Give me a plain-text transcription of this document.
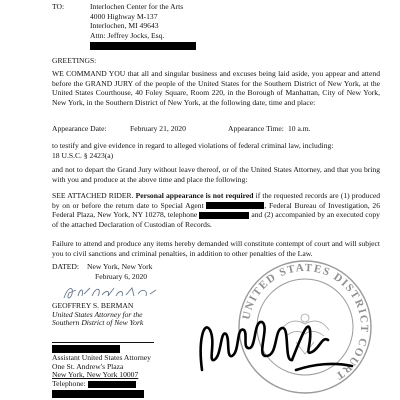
TO:	Interlochen Center for the Arts
4000 Highway M-137
Interlochen, MI 49643
Attn: Jeffrey Jocks, Esq.
GREETINGS:
WE COMMAND YOU that all and singular business and excuses being laid aside, you appear and attend before the GRAND JURY of the people of the United States for the Southern District of New York, at the United States Courthouse, 40 Foley Square, Room 220, in the Borough of Manhattan, City of New York, New York, in the Southern District of New York, at the following date, time and place:
Appearance Date:	February 21, 2020	Appearance Time: 10 a.m.
to testify and give evidence in regard to alleged violations of federal criminal law, including:
18 U.S.C. § 2423(a)
and not to depart the Grand Jury without leave thereof, or of the United States Attorney, and that you bring with you and produce at the above time and place the following:
SEE ATTACHED RIDER. Personal appearance is not required if the requested records are (1) produced by on or before the return date to Special Agent	, Federal Bureau of Investigation, 26 Federal Plaza, New York, NY 10278, telephone	and (2) accompanied by an executed copy of the attached Declaration of Custodian of Records.
Failure to attend and produce any items hereby demanded will constitute contempt of court and will subject you to civil sanctions and criminal penalties, in addition to other penalties of the Law.
DATED: New York, New York
February 6, 2020
GEOFFREY S. BERMAN
United States Attorney for the
Southern District of New York
Assistant United States Attorney
One St. Andrew's Plaza
New York, New York 10007
Telephone:
UNITED STATES DISTRICT COURT
